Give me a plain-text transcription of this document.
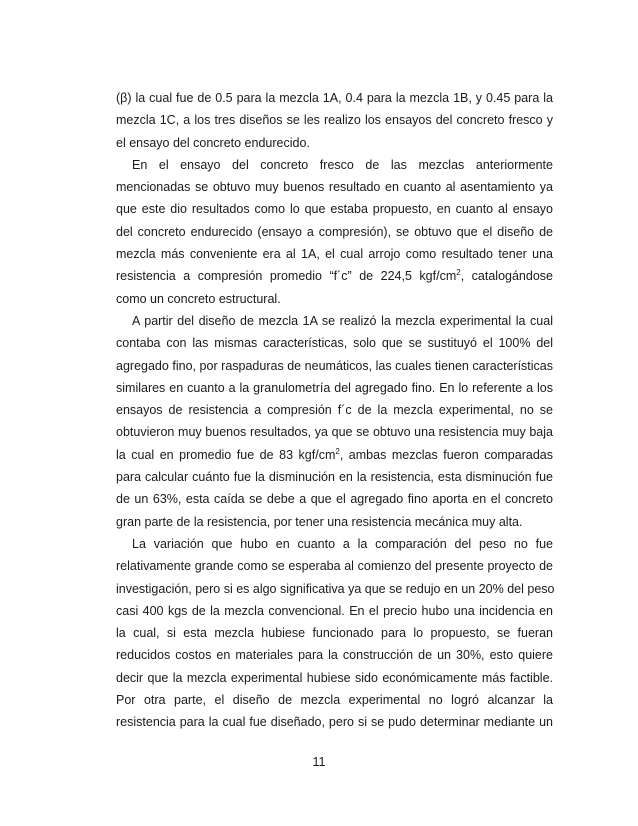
(β) la cual fue de 0.5 para la mezcla 1A, 0.4 para la mezcla 1B, y 0.45 para la
mezcla 1C, a los tres diseños se les realizo los ensayos del concreto fresco y
el ensayo del concreto endurecido.
En el ensayo del concreto fresco de las mezclas anteriormente
mencionadas se obtuvo muy buenos resultado en cuanto al asentamiento ya
que este dio resultados como lo que estaba propuesto, en cuanto al ensayo
del concreto endurecido (ensayo a compresión), se obtuvo que el diseño de
mezcla más conveniente era al 1A, el cual arrojo como resultado tener una
resistencia a compresión promedio “f´c” de 224,5 kgf/$cm^2$, catalogándose
como un concreto estructural.
A partir del diseño de mezcla 1A se realizó la mezcla experimental la cual
contaba con las mismas características, solo que se sustituyó el 100% del
agregado fino, por raspaduras de neumáticos, las cuales tienen características
similares en cuanto a la granulometría del agregado fino. En lo referente a los
ensayos de resistencia a compresión f´c de la mezcla experimental, no se
obtuvieron muy buenos resultados, ya que se obtuvo una resistencia muy baja
la cual en promedio fue de 83 kgf/$cm^2$, ambas mezclas fueron comparadas
para calcular cuánto fue la disminución en la resistencia, esta disminución fue
de un 63%, esta caída se debe a que el agregado fino aporta en el concreto
gran parte de la resistencia, por tener una resistencia mecánica muy alta.
La variación que hubo en cuanto a la comparación del peso no fue
relativamente grande como se esperaba al comienzo del presente proyecto de
investigación, pero si es algo significativa ya que se redujo en un 20% del peso
casi 400 kgs de la mezcla convencional. En el precio hubo una incidencia en
la cual, si esta mezcla hubiese funcionado para lo propuesto, se fueran
reducidos costos en materiales para la construcción de un 30%, esto quiere
decir que la mezcla experimental hubiese sido económicamente más factible.
Por otra parte, el diseño de mezcla experimental no logró alcanzar la
resistencia para la cual fue diseñado, pero si se pudo determinar mediante un
11
